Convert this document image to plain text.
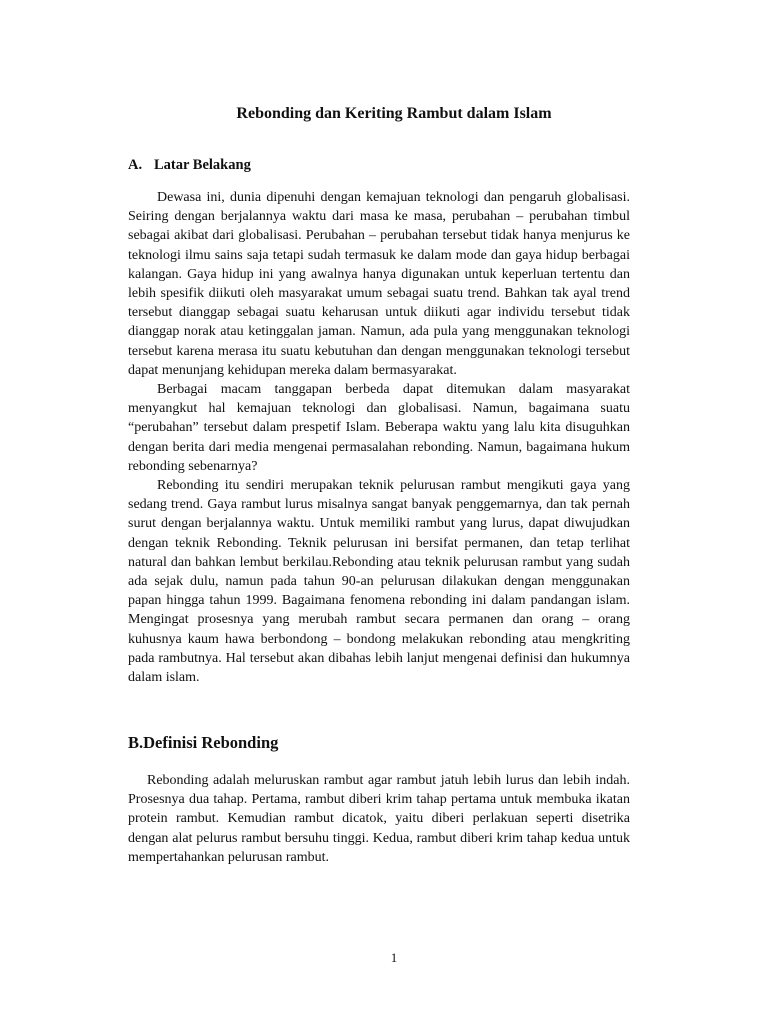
Rebonding dan Keriting Rambut dalam Islam
A. Latar Belakang

Dewasa ini, dunia dipenuhi dengan kemajuan teknologi dan pengaruh globalisasi. Seiring dengan berjalannya waktu dari masa ke masa, perubahan – perubahan timbul sebagai akibat dari globalisasi. Perubahan – perubahan tersebut tidak hanya menjurus ke teknologi ilmu sains saja tetapi sudah termasuk ke dalam mode dan gaya hidup berbagai kalangan. Gaya hidup ini yang awalnya hanya digunakan untuk keperluan tertentu dan lebih spesifik diikuti oleh masyarakat umum sebagai suatu trend. Bahkan tak ayal trend tersebut dianggap sebagai suatu keharusan untuk diikuti agar individu tersebut tidak dianggap norak atau ketinggalan jaman. Namun, ada pula yang menggunakan teknologi tersebut karena merasa itu suatu kebutuhan dan dengan menggunakan teknologi tersebut dapat menunjang kehidupan mereka dalam bermasyarakat.

Berbagai macam tanggapan berbeda dapat ditemukan dalam masyarakat menyangkut hal kemajuan teknologi dan globalisasi. Namun, bagaimana suatu “perubahan” tersebut dalam prespetif Islam. Beberapa waktu yang lalu kita disuguhkan dengan berita dari media mengenai permasalahan rebonding. Namun, bagaimana hukum rebonding sebenarnya?

Rebonding itu sendiri merupakan teknik pelurusan rambut mengikuti gaya yang sedang trend. Gaya rambut lurus misalnya sangat banyak penggemarnya, dan tak pernah surut dengan berjalannya waktu. Untuk memiliki rambut yang lurus, dapat diwujudkan dengan teknik Rebonding. Teknik pelurusan ini bersifat permanen, dan tetap terlihat natural dan bahkan lembut berkilau.Rebonding atau teknik pelurusan rambut yang sudah ada sejak dulu, namun pada tahun 90-an pelurusan dilakukan dengan menggunakan papan hingga tahun 1999. Bagaimana fenomena rebonding ini dalam pandangan islam. Mengingat prosesnya yang merubah rambut secara permanen dan orang – orang kuhusnya kaum hawa berbondong – bondong melakukan rebonding atau mengkriting pada rambutnya. Hal tersebut akan dibahas lebih lanjut mengenai definisi dan hukumnya dalam islam.

B.Definisi Rebonding

Rebonding adalah meluruskan rambut agar rambut jatuh lebih lurus dan lebih indah. Prosesnya dua tahap. Pertama, rambut diberi krim tahap pertama untuk membuka ikatan protein rambut. Kemudian rambut dicatok, yaitu diberi perlakuan seperti disetrika dengan alat pelurus rambut bersuhu tinggi. Kedua, rambut diberi krim tahap kedua untuk mempertahankan pelurusan rambut.

1
